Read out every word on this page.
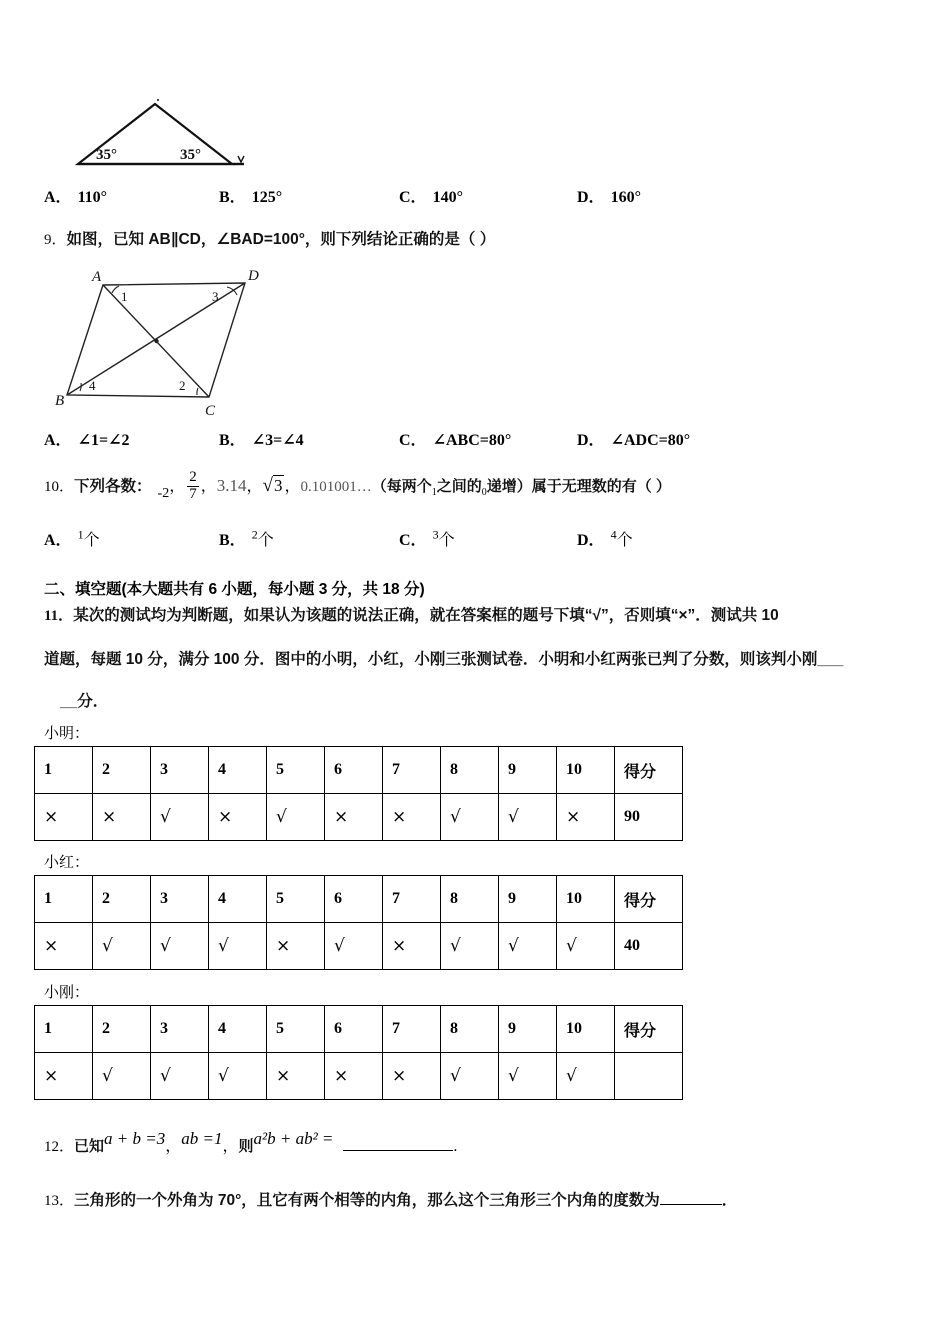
35°	35°
A． 110°	B． 125°	C． 140°	D． 160°
9．如图，已知 AB∥CD，∠BAD=100°，则下列结论正确的是（ ）
A	D
B
C
1	3
4	2
A． ∠1=∠2	B． ∠3=∠4	C． ∠ABC=80°	D． ∠ADC=80°
10．下列各数： -2， $\frac{2}{7}$ ，3.14，√3 ，0.101001…（每两个$_1$之间的$_0$递增）属于无理数的有（ ）
A． $^1$个	B． $^2$个	C． $^3$个	D． $^4$个
二、填空题(本大题共有 6 小题，每小题 3 分，共 18 分)
11．某次的测试均为判断题，如果认为该题的说法正确，就在答案框的题号下填“√”，否则填“×”．测试共 10
道题，每题 10 分，满分 100 分．图中的小明，小红，小刚三张测试卷．小明和小红两张已判了分数，则该判小刚___
__分．
小明：
1	2	3	4	5	6	7	8	9	10	得分
×	×	√	×	√	×	×	√	√	×	90
小红：
1	2	3	4	5	6	7	8	9	10	得分
×	√	√	√	×	√	×	√	√	√	40
小刚：
1	2	3	4	5	6	7	8	9	10	得分
×	√	√	√	×	×	×	√	√	√	
12．已知a + b =3，ab =1，则a²b + ab² =	.
13．三角形的一个外角为 70°，且它有两个相等的内角，那么这个三角形三个内角的度数为	．
